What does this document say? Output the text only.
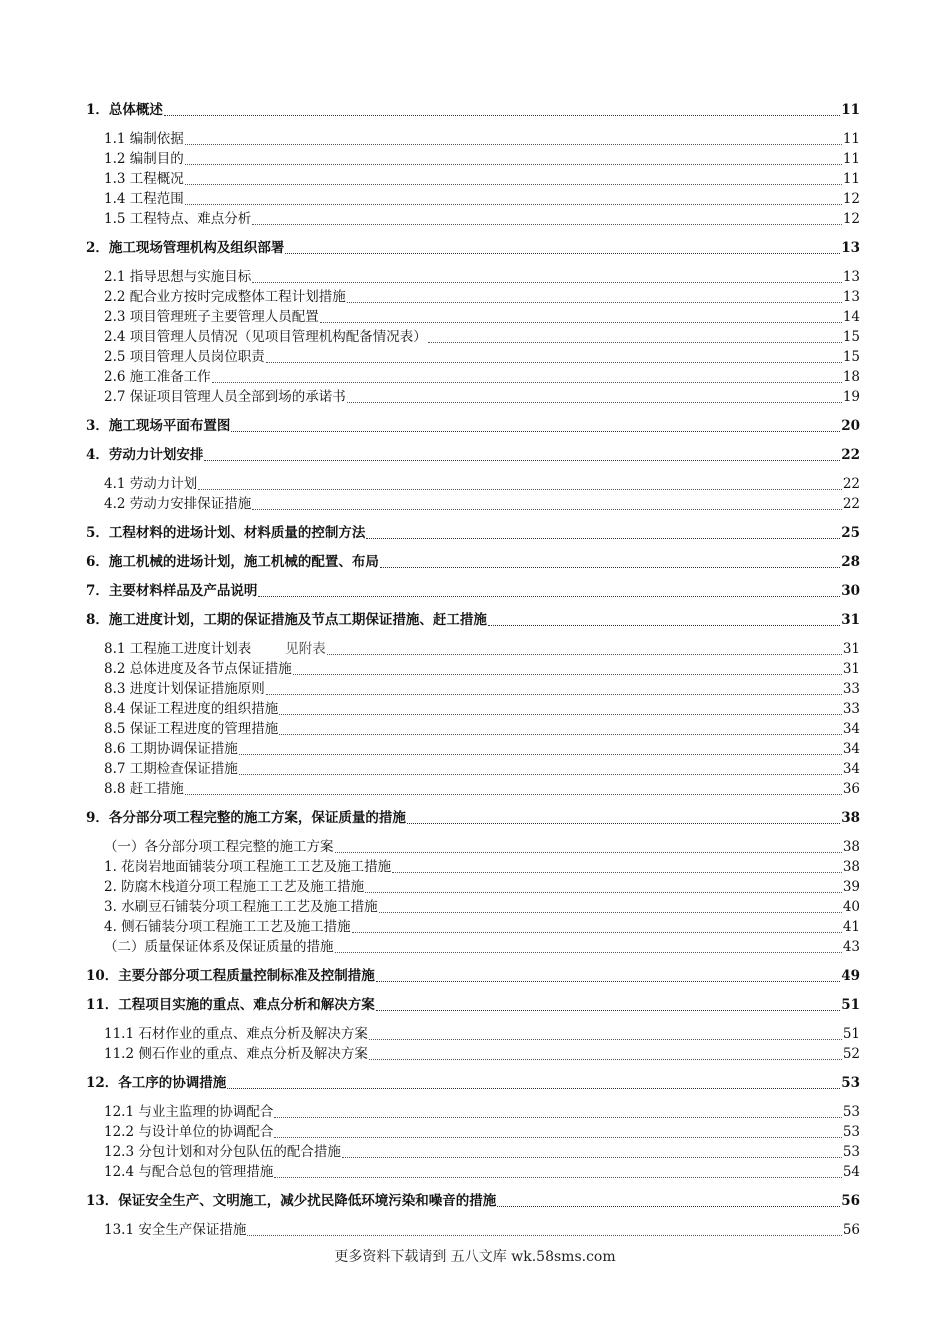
1．总体概述	11
1.1 编制依据	11
1.2 编制目的	11
1.3 工程概况	11
1.4 工程范围	12
1.5 工程特点、难点分析	12
2．施工现场管理机构及组织部署	13
2.1 指导思想与实施目标	13
2.2 配合业方按时完成整体工程计划措施	13
2.3 项目管理班子主要管理人员配置	14
2.4 项目管理人员情况（见项目管理机构配备情况表）	15
2.5 项目管理人员岗位职责	15
2.6 施工准备工作	18
2.7 保证项目管理人员全部到场的承诺书	19
3．施工现场平面布置图	20
4．劳动力计划安排	22
4.1 劳动力计划	22
4.2 劳动力安排保证措施	22
5．工程材料的进场计划、材料质量的控制方法	25
6．施工机械的进场计划，施工机械的配置、布局	28
7．主要材料样品及产品说明	30
8．施工进度计划，工期的保证措施及节点工期保证措施、赶工措施	31
8.1 工程施工进度计划表	见附表	31
8.2 总体进度及各节点保证措施	31
8.3 进度计划保证措施原则	33
8.4 保证工程进度的组织措施	33
8.5 保证工程进度的管理措施	34
8.6 工期协调保证措施	34
8.7 工期检查保证措施	34
8.8 赶工措施	36
9．各分部分项工程完整的施工方案，保证质量的措施	38
（一）各分部分项工程完整的施工方案	38
1. 花岗岩地面铺装分项工程施工工艺及施工措施	38
2. 防腐木栈道分项工程施工工艺及施工措施	39
3. 水刷豆石铺装分项工程施工工艺及施工措施	40
4. 侧石铺装分项工程施工工艺及施工措施	41
（二）质量保证体系及保证质量的措施	43
10．主要分部分项工程质量控制标准及控制措施	49
11．工程项目实施的重点、难点分析和解决方案	51
11.1 石材作业的重点、难点分析及解决方案	51
11.2 侧石作业的重点、难点分析及解决方案	52
12．各工序的协调措施	53
12.1 与业主监理的协调配合	53
12.2 与设计单位的协调配合	53
12.3 分包计划和对分包队伍的配合措施	53
12.4 与配合总包的管理措施	54
13．保证安全生产、文明施工，减少扰民降低环境污染和噪音的措施	56
13.1 安全生产保证措施	56
更多资料下载请到 五八文库 wk.58sms.com
